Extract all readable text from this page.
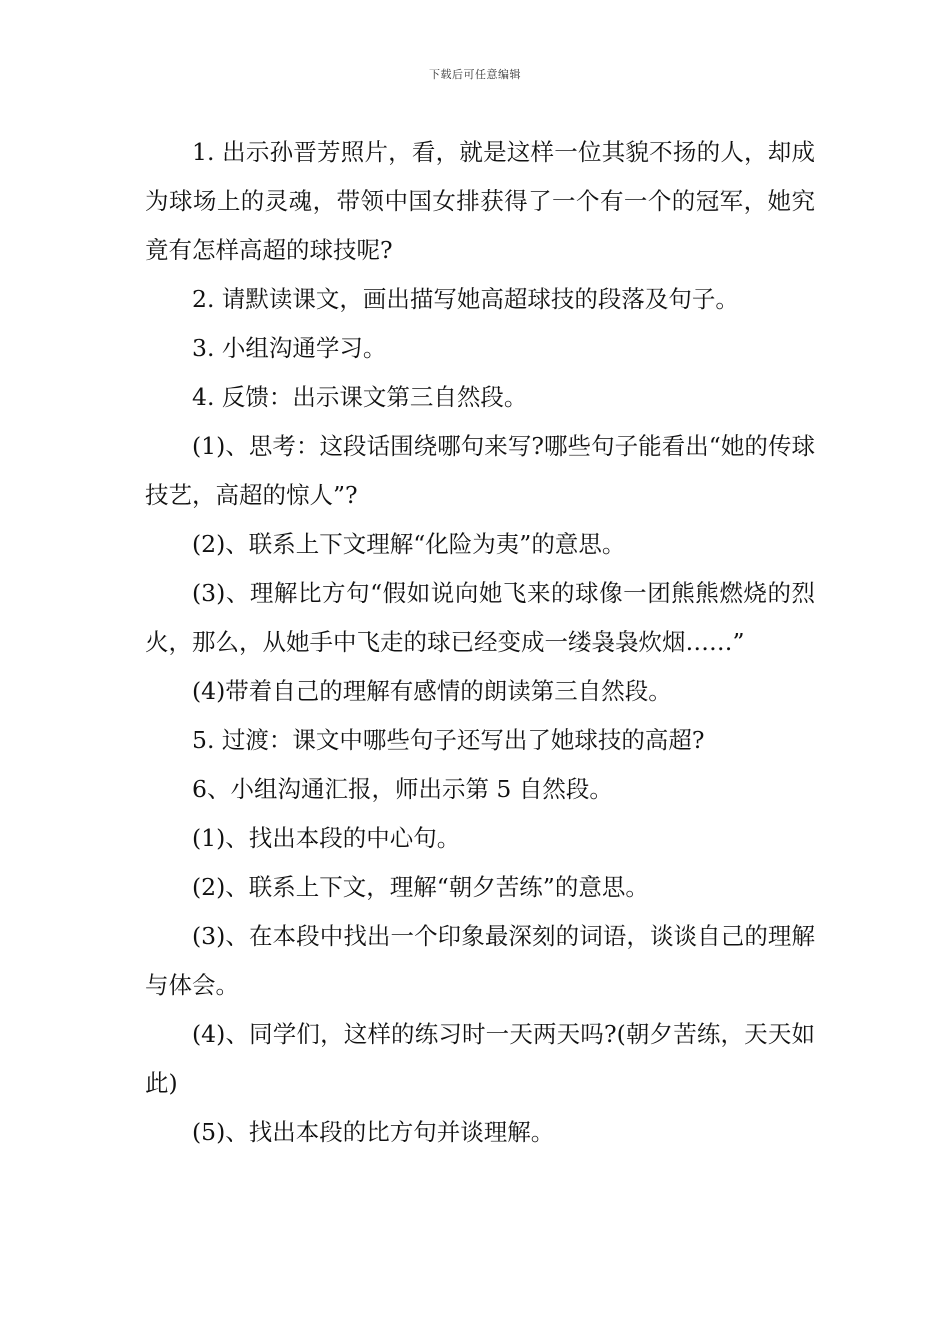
下载后可任意编辑

1. 出示孙晋芳照片，看，就是这样一位其貌不扬的人，却成为球场上的灵魂，带领中国女排获得了一个有一个的冠军，她究竟有怎样高超的球技呢?

2. 请默读课文，画出描写她高超球技的段落及句子。

3. 小组沟通学习。

4. 反馈：出示课文第三自然段。

(1)、思考：这段话围绕哪句来写?哪些句子能看出“她的传球技艺，高超的惊人”?

(2)、联系上下文理解“化险为夷”的意思。

(3)、理解比方句“假如说向她飞来的球像一团熊熊燃烧的烈火，那么，从她手中飞走的球已经变成一缕袅袅炊烟……”

(4)带着自己的理解有感情的朗读第三自然段。

5. 过渡：课文中哪些句子还写出了她球技的高超?

6、小组沟通汇报，师出示第 5 自然段。

(1)、找出本段的中心句。

(2)、联系上下文，理解“朝夕苦练”的意思。

(3)、在本段中找出一个印象最深刻的词语，谈谈自己的理解与体会。

(4)、同学们，这样的练习时一天两天吗?(朝夕苦练，天天如此)

(5)、找出本段的比方句并谈理解。
